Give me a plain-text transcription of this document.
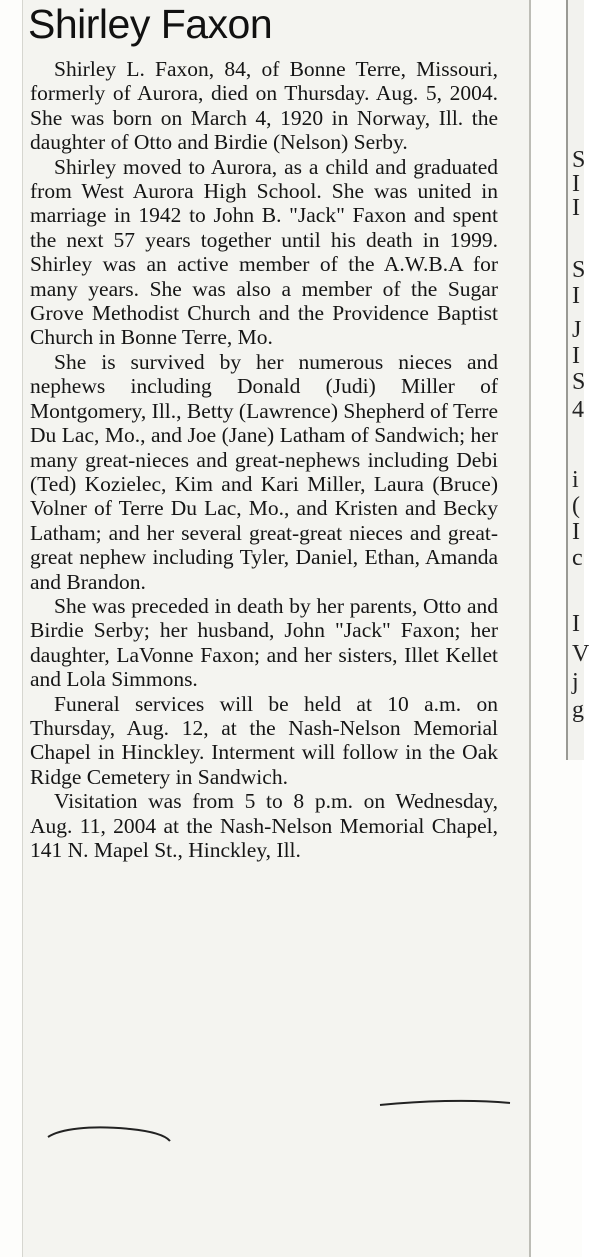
S
I
I
S
I
J
I
S
4
i
(
I
c
I
V
j
g
Shirley Faxon

Shirley L. Faxon, 84, of Bonne Terre, Missouri, formerly of Aurora, died on Thursday. Aug. 5, 2004. She was born on March 4, 1920 in Norway, Ill. the daughter of Otto and Birdie (Nelson) Serby.

Shirley moved to Aurora, as a child and graduated from West Aurora High School. She was united in marriage in 1942 to John B. "Jack" Faxon and spent the next 57 years together until his death in 1999. Shirley was an active member of the A.W.B.A for many years. She was also a member of the Sugar Grove Methodist Church and the Providence Baptist Church in Bonne Terre, Mo.

She is survived by her numerous nieces and nephews including Donald (Judi) Miller of Montgomery, Ill., Betty (Lawrence) Shepherd of Terre Du Lac, Mo., and Joe (Jane) Latham of Sandwich; her many great-nieces and great-nephews including Debi (Ted) Kozielec, Kim and Kari Miller, Laura (Bruce) Volner of Terre Du Lac, Mo., and Kristen and Becky Latham; and her several great-great nieces and great-great nephew including Tyler, Daniel, Ethan, Amanda and Brandon.

She was preceded in death by her parents, Otto and Birdie Serby; her husband, John "Jack" Faxon; her daughter, LaVonne Faxon; and her sisters, Illet Kellet and Lola Simmons.

Funeral services will be held at 10 a.m. on Thursday, Aug. 12, at the Nash-Nelson Memorial Chapel in Hinckley. Interment will follow in the Oak Ridge Cemetery in Sandwich.

Visitation was from 5 to 8 p.m. on Wednesday, Aug. 11, 2004 at the Nash-Nelson Memorial Chapel, 141 N. Mapel St., Hinckley, Ill.
